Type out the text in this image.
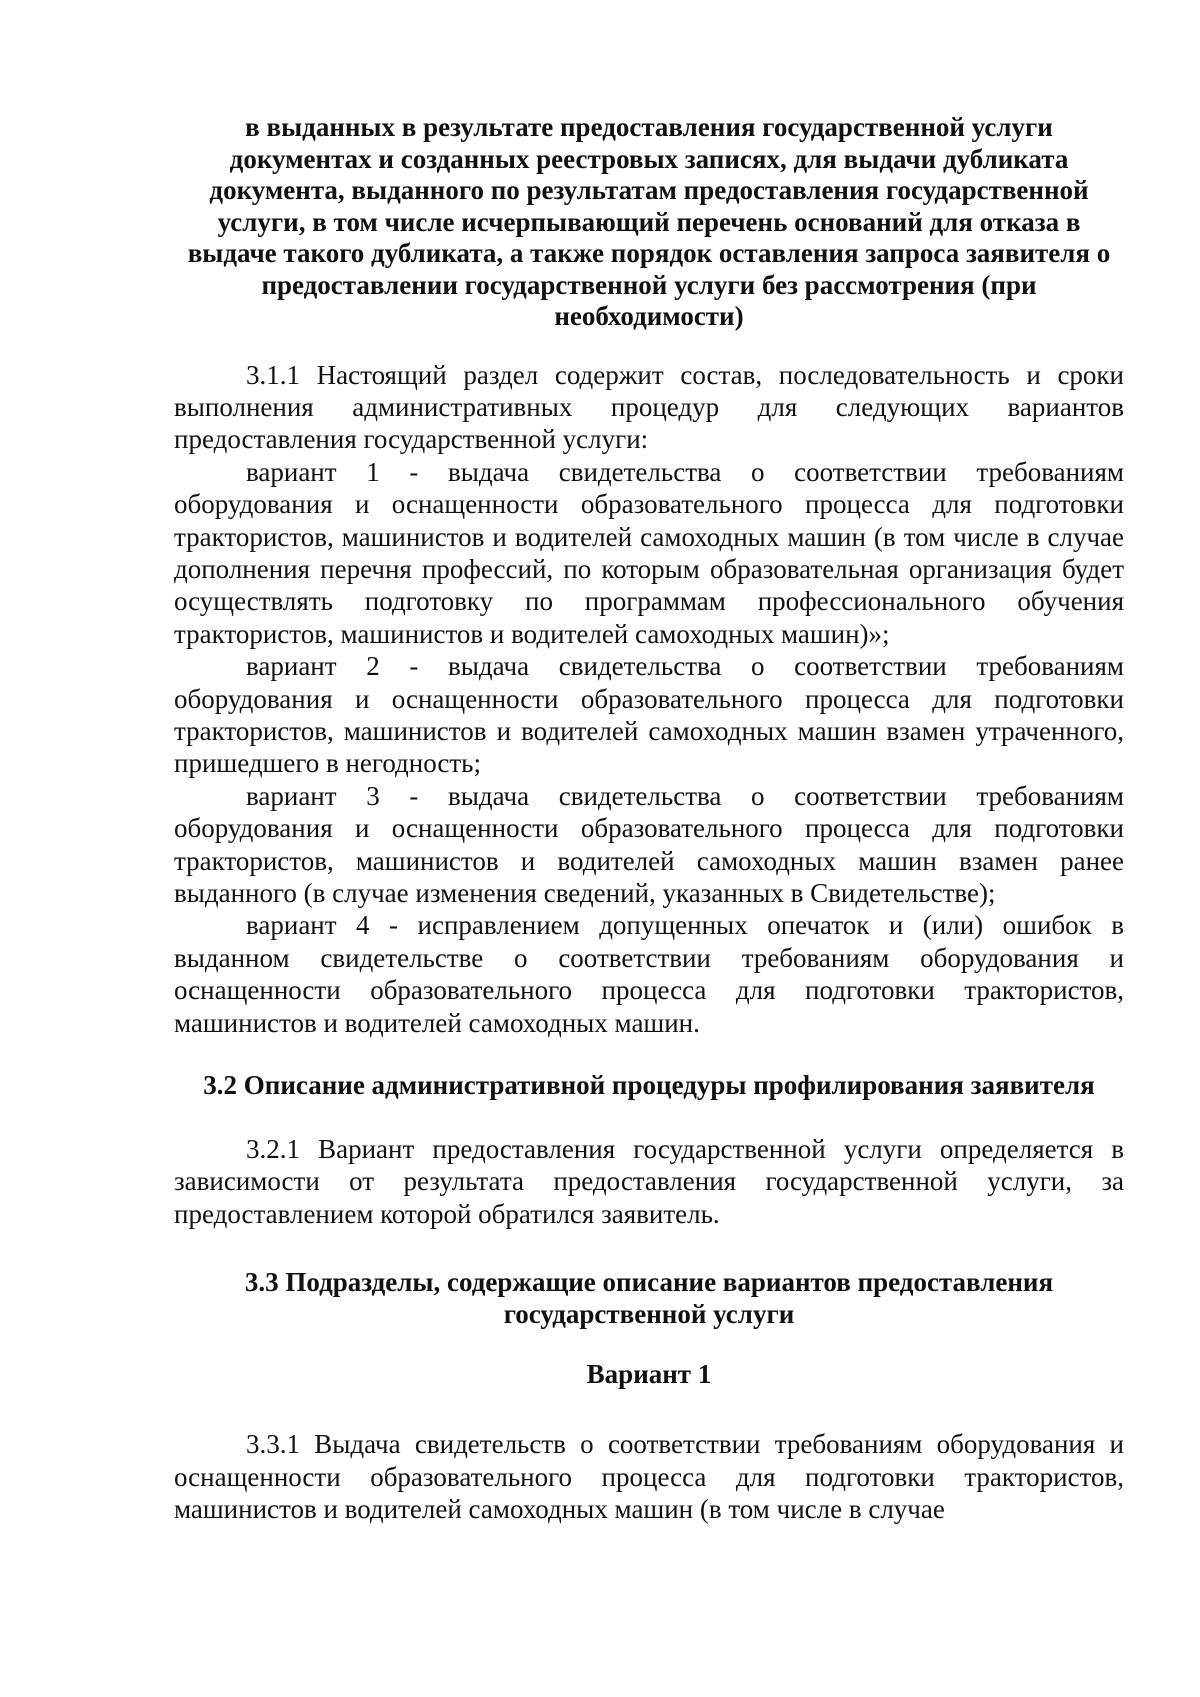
в выданных в результате предоставления государственной услуги документах и созданных реестровых записях, для выдачи дубликата документа, выданного по результатам предоставления государственной услуги, в том числе исчерпывающий перечень оснований для отказа в выдаче такого дубликата, а также порядок оставления запроса заявителя о предоставлении государственной услуги без рассмотрения (при необходимости)

3.1.1 Настоящий раздел содержит состав, последовательность и сроки выполнения административных процедур для следующих вариантов предоставления государственной услуги:

вариант 1 - выдача свидетельства о соответствии требованиям оборудования и оснащенности образовательного процесса для подготовки трактористов, машинистов и водителей самоходных машин (в том числе в случае дополнения перечня профессий, по которым образовательная организация будет осуществлять подготовку по программам профессионального обучения трактористов, машинистов и водителей самоходных машин)»;

вариант 2 - выдача свидетельства о соответствии требованиям оборудования и оснащенности образовательного процесса для подготовки трактористов, машинистов и водителей самоходных машин взамен утраченного, пришедшего в негодность;

вариант 3 - выдача свидетельства о соответствии требованиям оборудования и оснащенности образовательного процесса для подготовки трактористов, машинистов и водителей самоходных машин взамен ранее выданного (в случае изменения сведений, указанных в Свидетельстве);

вариант 4 - исправлением допущенных опечаток и (или) ошибок в выданном свидетельстве о соответствии требованиям оборудования и оснащенности образовательного процесса для подготовки трактористов, машинистов и водителей самоходных машин.

3.2 Описание административной процедуры профилирования заявителя

3.2.1 Вариант предоставления государственной услуги определяется в зависимости от результата предоставления государственной услуги, за предоставлением которой обратился заявитель.

3.3 Подразделы, содержащие описание вариантов предоставления государственной услуги

Вариант 1

3.3.1 Выдача свидетельств о соответствии требованиям оборудования и оснащенности образовательного процесса для подготовки трактористов, машинистов и водителей самоходных машин (в том числе в случае
